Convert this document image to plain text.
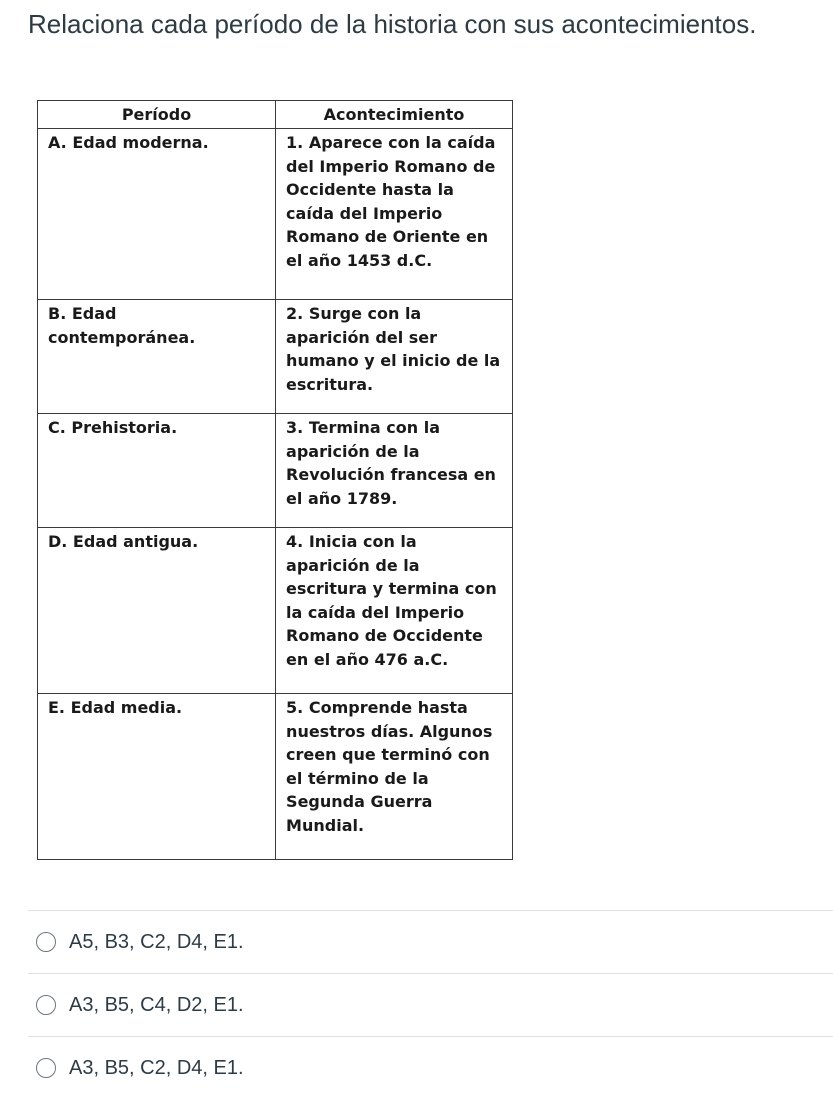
Relaciona cada período de la historia con sus acontecimientos.
Período	Acontecimiento

A. Edad moderna.	1. Aparece con la caída del Imperio Romano de Occidente hasta la caída del Imperio Romano de Oriente en el año 1453 d.C.

B. Edad contemporánea.	2. Surge con la aparición del ser humano y el inicio de la escritura.

C. Prehistoria.	3. Termina con la aparición de la Revolución francesa en el año 1789.

D. Edad antigua.	4. Inicia con la aparición de la escritura y termina con la caída del Imperio Romano de Occidente en el año 476 a.C.

E. Edad media.	5. Comprende hasta nuestros días. Algunos creen que terminó con el término de la Segunda Guerra Mundial.
A5, B3, C2, D4, E1.
A3, B5, C4, D2, E1.
A3, B5, C2, D4, E1.
